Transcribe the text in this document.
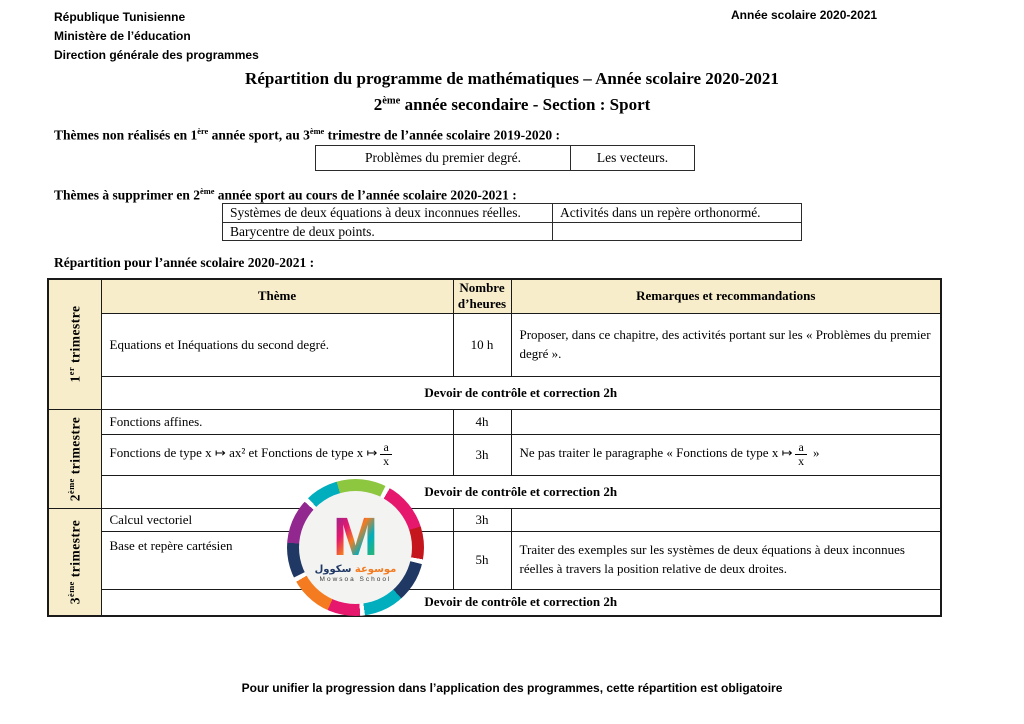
République Tunisienne
Ministère de l’éducation
Direction générale des programmes
Année scolaire 2020-2021
Répartition du programme de mathématiques – Année scolaire 2020-2021
2ème année secondaire - Section : Sport
Thèmes non réalisés en 1ère année sport, au 3ème trimestre de l’année scolaire 2019-2020 :
Problèmes du premier degré.	Les vecteurs.
Thèmes à supprimer en 2ème année sport au cours de l’année scolaire 2020-2021 :
Systèmes de deux équations à deux inconnues réelles.	Activités dans un repère orthonormé.
Barycentre de deux points.
Répartition pour l’année scolaire 2020-2021 :
1er trimestre	Thème	Nombre d’heures	Remarques et recommandations
	Equations et Inéquations du second degré.	10 h	Proposer, dans ce chapitre, des activités portant sur les « Problèmes du premier degré ».
	Devoir de contrôle et correction 2h		

2ème trimestre	Fonctions affines.	4h	
	Fonctions de type x ↦ ax² et Fonctions de type x ↦ $\frac{a}{x}$	3h	Ne pas traiter le paragraphe « Fonctions de type x ↦ $\frac{a}{x}$ »
	Devoir de contrôle et correction 2h		

3ème trimestre	Calcul vectoriel	3h	
	Base et repère cartésien	5h	Traiter des exemples sur les systèmes de deux équations à deux inconnues réelles à travers la position relative de deux droites.
	Devoir de contrôle et correction 2h		
M
موسوعة سكوول
Mowsoa School
Pour unifier la progression dans l’application des programmes, cette répartition est obligatoire
